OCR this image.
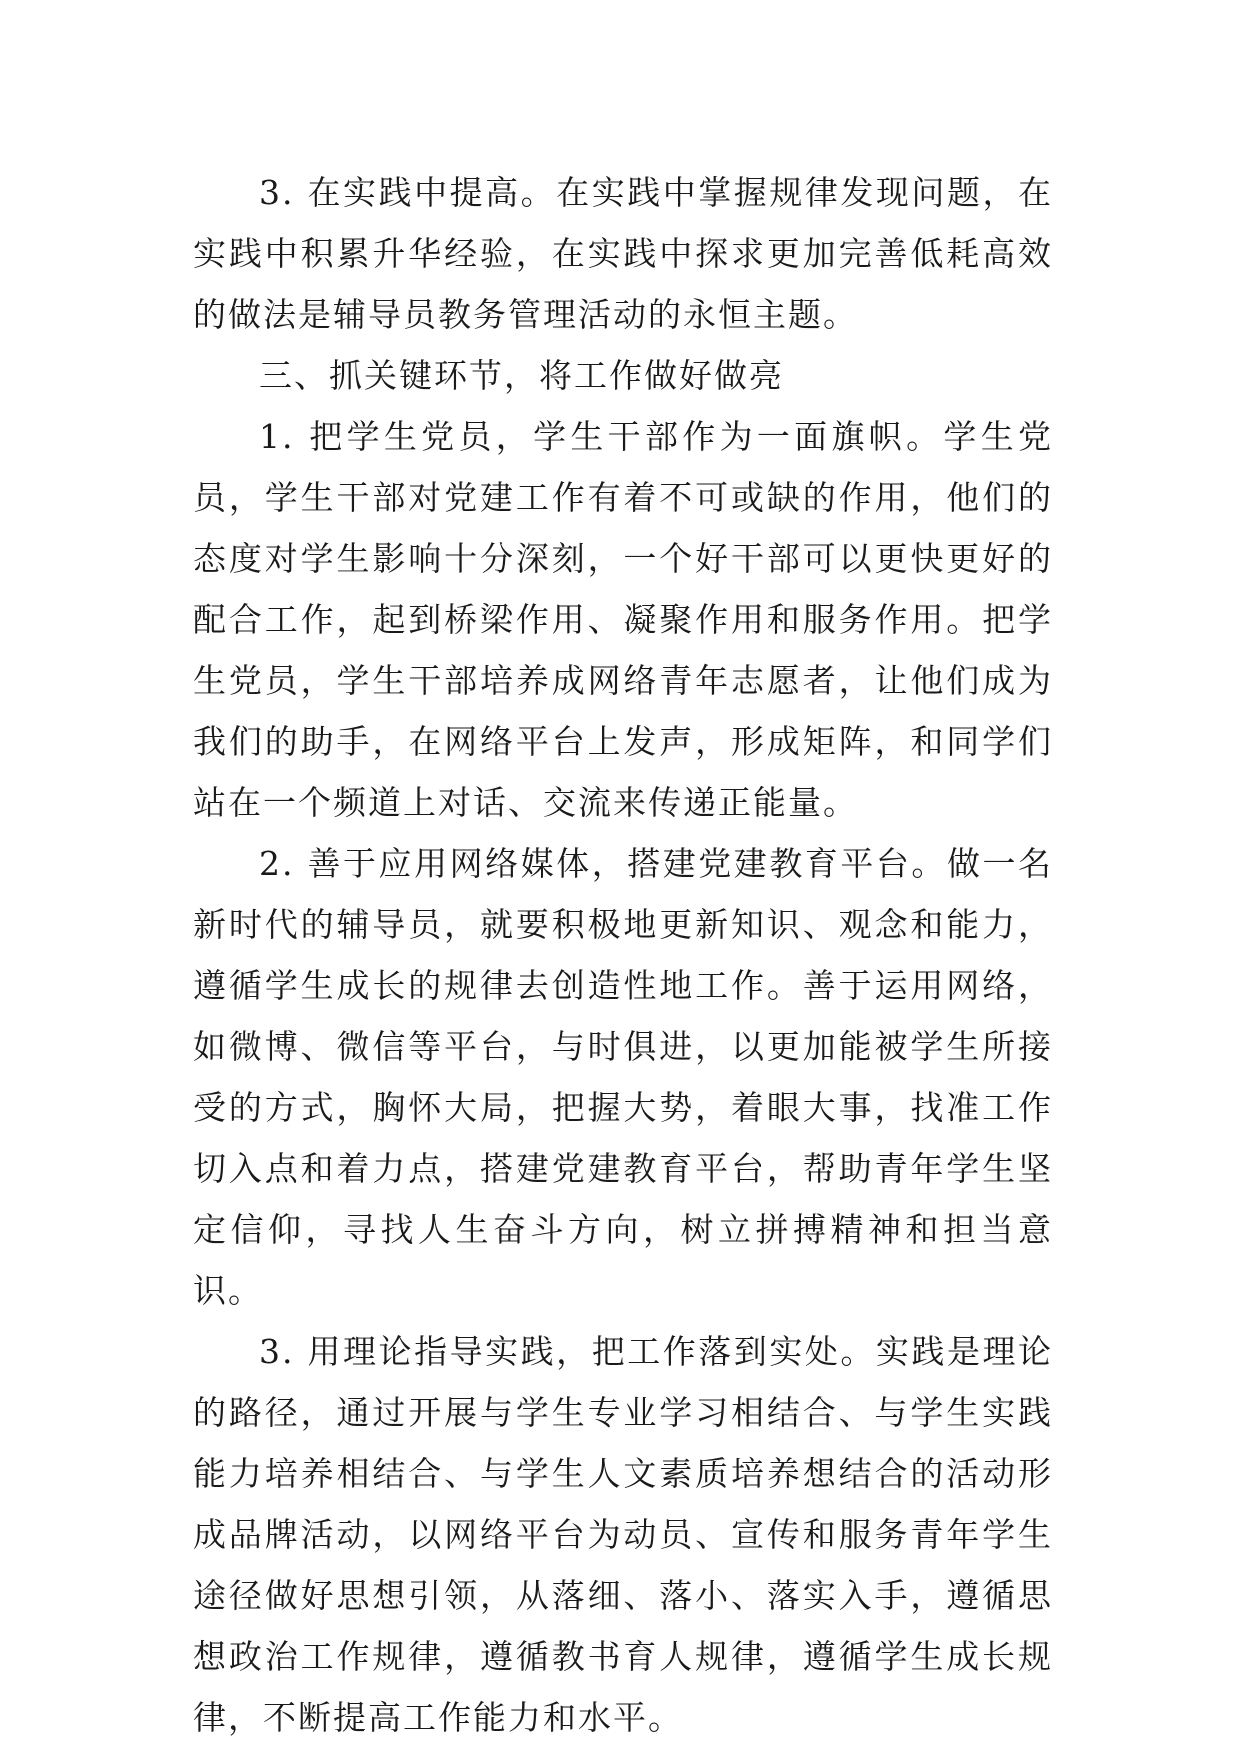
3. 在实践中提高。在实践中掌握规律发现问题，在实践中积累升华经验，在实践中探求更加完善低耗高效的做法是辅导员教务管理活动的永恒主题。

三、抓关键环节，将工作做好做亮

1. 把学生党员，学生干部作为一面旗帜。学生党员，学生干部对党建工作有着不可或缺的作用，他们的态度对学生影响十分深刻，一个好干部可以更快更好的配合工作，起到桥梁作用、凝聚作用和服务作用。把学生党员，学生干部培养成网络青年志愿者，让他们成为我们的助手，在网络平台上发声，形成矩阵，和同学们站在一个频道上对话、交流来传递正能量。

2. 善于应用网络媒体，搭建党建教育平台。做一名新时代的辅导员，就要积极地更新知识、观念和能力，遵循学生成长的规律去创造性地工作。善于运用网络，如微博、微信等平台，与时俱进，以更加能被学生所接受的方式，胸怀大局，把握大势，着眼大事，找准工作切入点和着力点，搭建党建教育平台，帮助青年学生坚定信仰，寻找人生奋斗方向，树立拼搏精神和担当意识。

3. 用理论指导实践，把工作落到实处。实践是理论的路径，通过开展与学生专业学习相结合、与学生实践能力培养相结合、与学生人文素质培养想结合的活动形成品牌活动，以网络平台为动员、宣传和服务青年学生途径做好思想引领，从落细、落小、落实入手，遵循思想政治工作规律，遵循教书育人规律，遵循学生成长规律，不断提高工作能力和水平。
